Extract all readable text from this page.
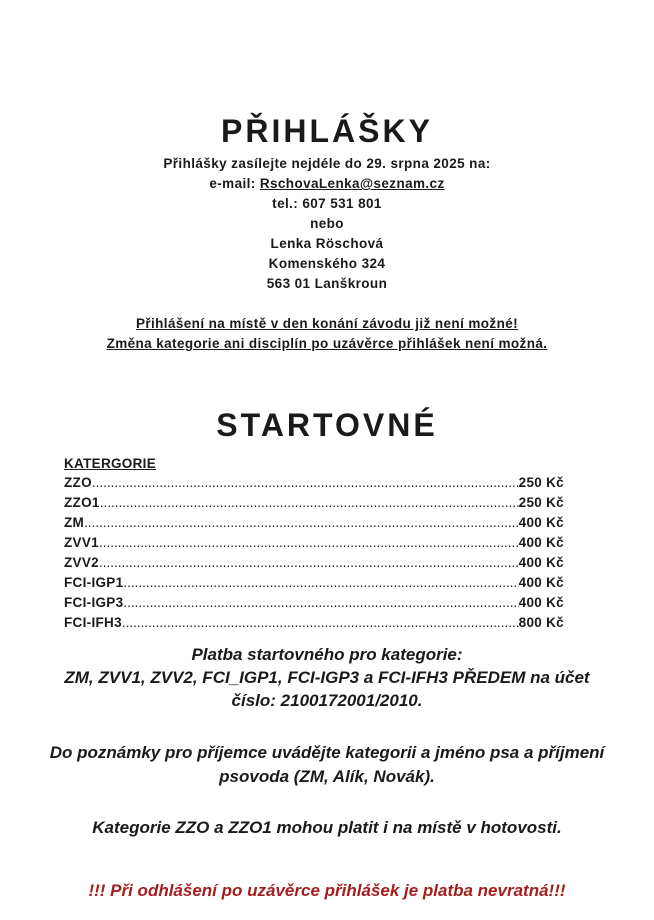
PŘIHLÁŠKY
Přihlášky zasílejte nejdéle do 29. srpna 2025 na:
e-mail: RschovaLenka@seznam.cz
tel.: 607 531 801
nebo
Lenka Röschová
Komenského 324
563 01 Lanškroun
Přihlášení na místě v den konání závodu již není možné!
Změna kategorie ani disciplín po uzávěrce přihlášek není možná.
STARTOVNÉ
KATERGORIE
ZZO .....	250 Kč
ZZO1 .....	250 Kč
ZM .....	400 Kč
ZVV1 .....	400 Kč
ZVV2 .....	400 Kč
FCI-IGP1 .....	400 Kč
FCI-IGP3 .....	400 Kč
FCI-IFH3 .....	800 Kč
Platba startovného pro kategorie:
ZM, ZVV1, ZVV2, FCI_IGP1, FCI-IGP3 a FCI-IFH3 PŘEDEM na účet
číslo: 2100172001/2010.
Do poznámky pro příjemce uvádějte kategorii a jméno psa a příjmení
psovoda (ZM, Alík, Novák).
Kategorie ZZO a ZZO1 mohou platit i na místě v hotovosti.
!!! Při odhlášení po uzávěrce přihlášek je platba nevratná!!!
